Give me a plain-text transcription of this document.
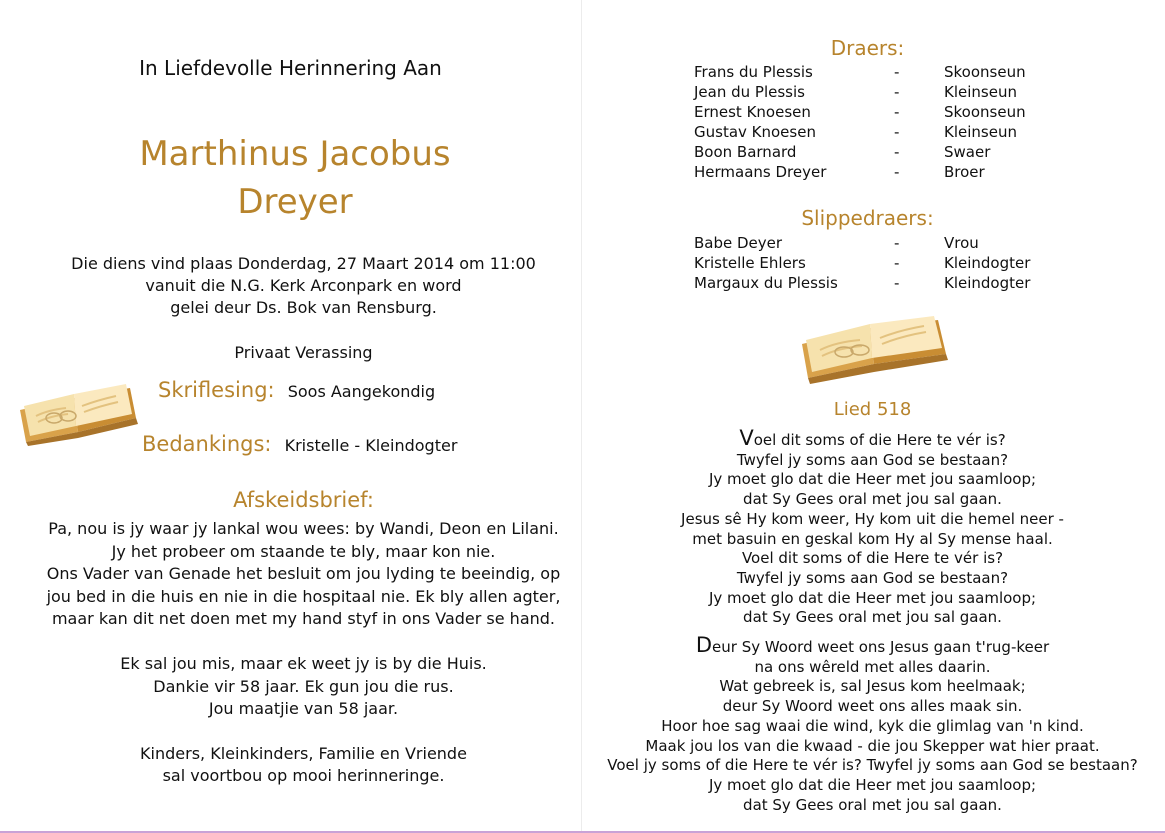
In Liefdevolle Herinnering Aan
Marthinus Jacobus
Dreyer
Die diens vind plaas Donderdag, 27 Maart 2014 om 11:00
vanuit die N.G. Kerk Arconpark en word
gelei deur Ds. Bok van Rensburg.
Privaat Verassing
Skriflesing: Soos Aangekondig
Bedankings: Kristelle - Kleindogter
Afskeidsbrief:
Pa, nou is jy waar jy lankal wou wees: by Wandi, Deon en Lilani.
Jy het probeer om staande te bly, maar kon nie.
Ons Vader van Genade het besluit om jou lyding te beeindig, op
jou bed in die huis en nie in die hospitaal nie. Ek bly allen agter,
maar kan dit net doen met my hand styf in ons Vader se hand.
Ek sal jou mis, maar ek weet jy is by die Huis.
Dankie vir 58 jaar. Ek gun jou die rus.
Jou maatjie van 58 jaar.
Kinders, Kleinkinders, Familie en Vriende
sal voortbou op mooi herinneringe.
Draers:
Frans du Plessis	-	Skoonseun
Jean du Plessis	-	Kleinseun
Ernest Knoesen	-	Skoonseun
Gustav Knoesen	-	Kleinseun
Boon Barnard	-	Swaer
Hermaans Dreyer	-	Broer
Slippedraers:
Babe Deyer	-	Vrou
Kristelle Ehlers	-	Kleindogter
Margaux du Plessis	-	Kleindogter
Lied 518
Voel dit soms of die Here te vér is?
Twyfel jy soms aan God se bestaan?
Jy moet glo dat die Heer met jou saamloop;
dat Sy Gees oral met jou sal gaan.
Jesus sê Hy kom weer, Hy kom uit die hemel neer -
met basuin en geskal kom Hy al Sy mense haal.
Voel dit soms of die Here te vér is?
Twyfel jy soms aan God se bestaan?
Jy moet glo dat die Heer met jou saamloop;
dat Sy Gees oral met jou sal gaan.
Deur Sy Woord weet ons Jesus gaan t'rug-keer
na ons wêreld met alles daarin.
Wat gebreek is, sal Jesus kom heelmaak;
deur Sy Woord weet ons alles maak sin.
Hoor hoe sag waai die wind, kyk die glimlag van 'n kind.
Maak jou los van die kwaad - die jou Skepper wat hier praat.
Voel jy soms of die Here te vér is? Twyfel jy soms aan God se bestaan?
Jy moet glo dat die Heer met jou saamloop;
dat Sy Gees oral met jou sal gaan.
